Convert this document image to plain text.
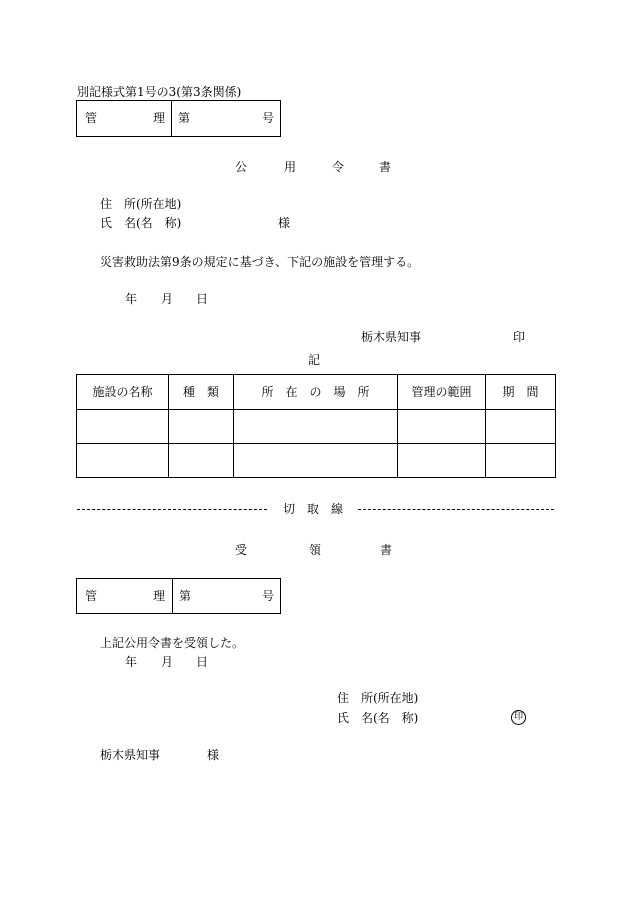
別記様式第1号の3(第3条関係)
管	理 第	号
公	用	令	書
住　所(所在地)
氏　名(名　称)	様
災害救助法第9条の規定に基づき、下記の施設を管理する。
年 月 日
栃木県知事	印
記
施設の名称	種　類	所　在　の　場　所	管理の範囲	期　間
切　取　線
受	領	書
管	理 第	号
上記公用令書を受領した。
年 月 日
住　所(所在地)
氏　名(名　称)	印
栃木県知事	様
